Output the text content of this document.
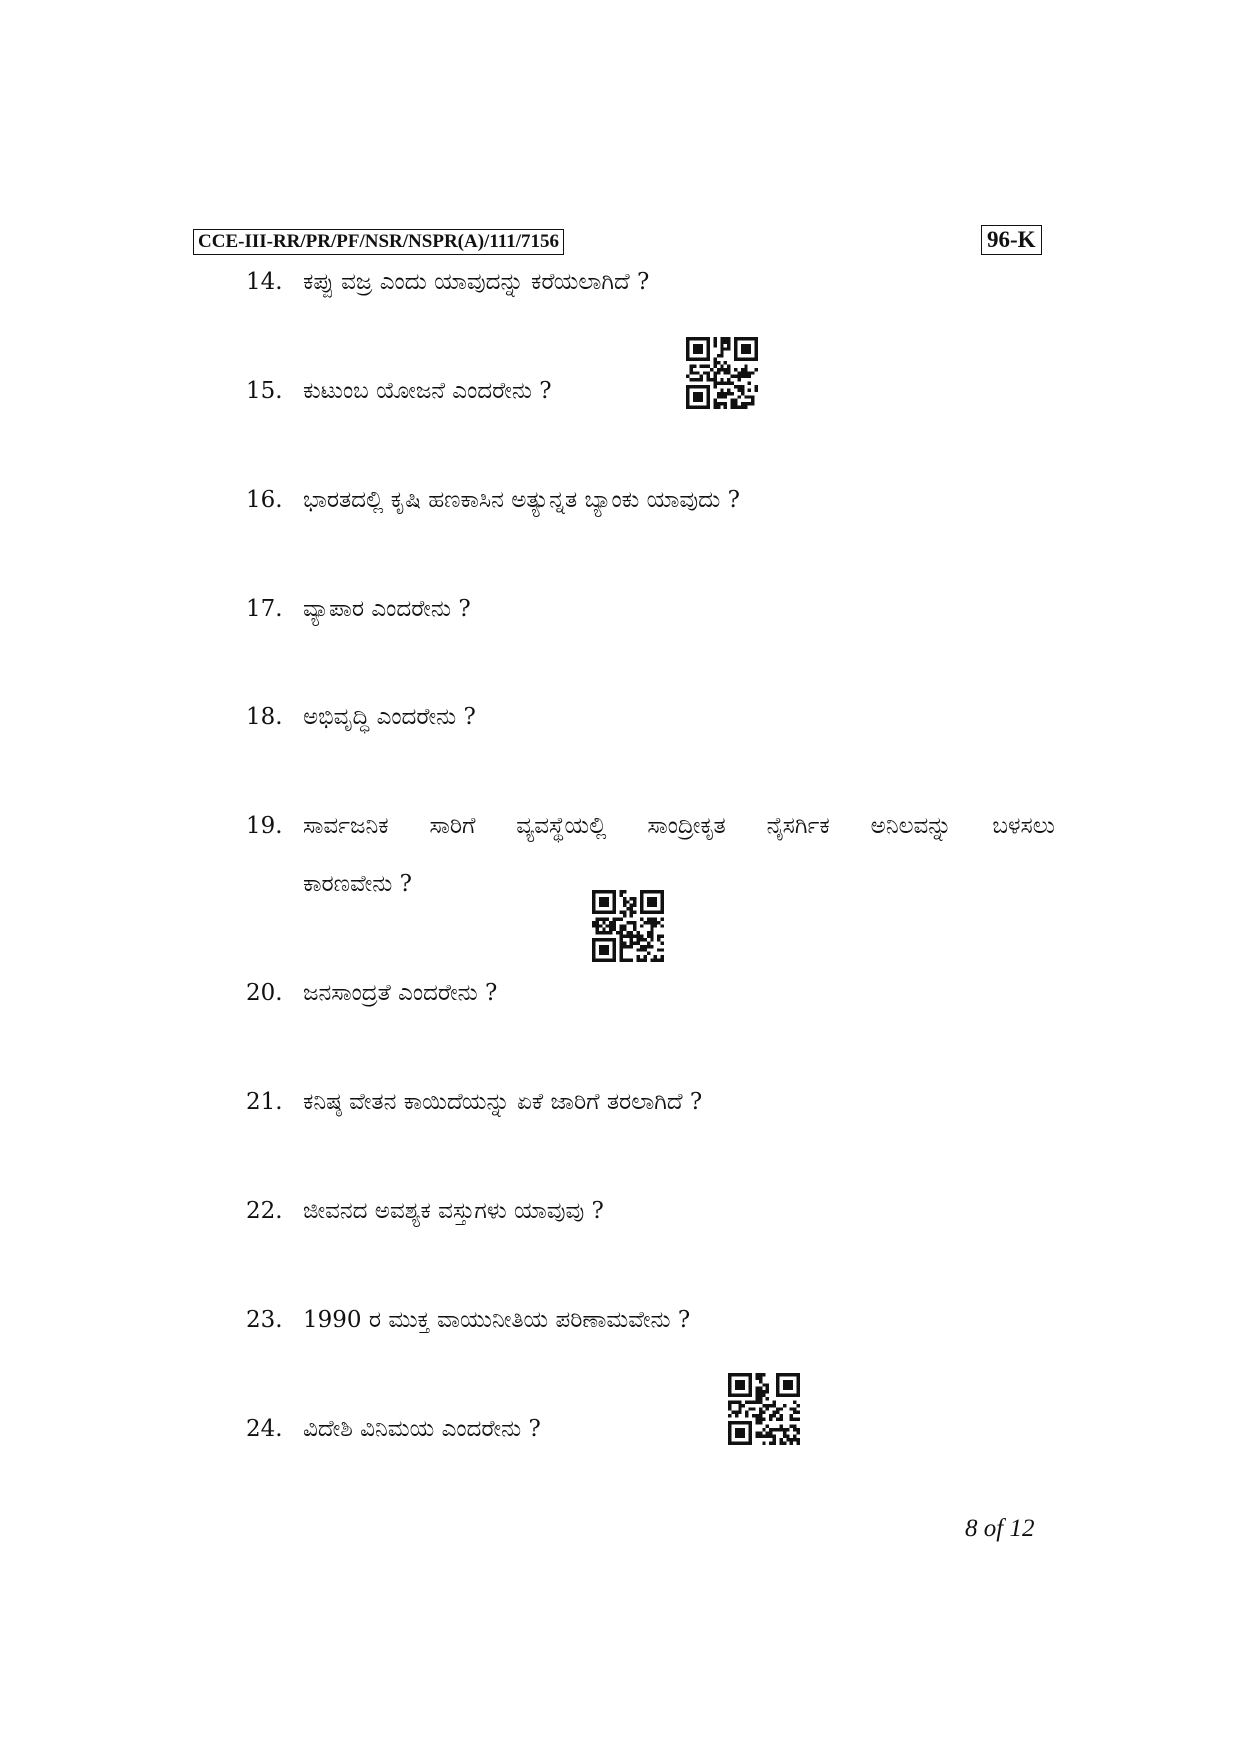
CCE-III-RR/PR/PF/NSR/NSPR(A)/111/7156	96-K
14. ಕಪ್ಪು ವಜ್ರ ಎಂದು ಯಾವುದನ್ನು ಕರೆಯಲಾಗಿದೆ ?
15. ಕುಟುಂಬ ಯೋಜನೆ ಎಂದರೇನು ?
16. ಭಾರತದಲ್ಲಿ ಕೃಷಿ ಹಣಕಾಸಿನ ಅತ್ಯುನ್ನತ ಬ್ಯಾಂಕು ಯಾವುದು ?
17. ವ್ಯಾಪಾರ ಎಂದರೇನು ?
18. ಅಭಿವೃದ್ಧಿ ಎಂದರೇನು ?
19. ಸಾರ್ವಜನಿಕ ಸಾರಿಗೆ ವ್ಯವಸ್ಥೆಯಲ್ಲಿ ಸಾಂದ್ರೀಕೃತ ನೈಸರ್ಗಿಕ ಅನಿಲವನ್ನು ಬಳಸಲು
ಕಾರಣವೇನು ?
20. ಜನಸಾಂದ್ರತೆ ಎಂದರೇನು ?
21. ಕನಿಷ್ಠ ವೇತನ ಕಾಯಿದೆಯನ್ನು ಏಕೆ ಜಾರಿಗೆ ತರಲಾಗಿದೆ ?
22. ಜೀವನದ ಅವಶ್ಯಕ ವಸ್ತುಗಳು ಯಾವುವು ?
23. 1990 ರ ಮುಕ್ತ ವಾಯುನೀತಿಯ ಪರಿಣಾಮವೇನು ?
24. ವಿದೇಶಿ ವಿನಿಮಯ ಎಂದರೇನು ?
8 of 12
